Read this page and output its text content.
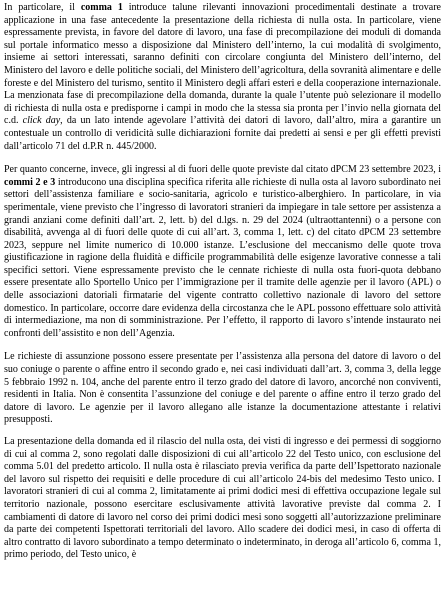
In particolare, il comma 1 introduce talune rilevanti innovazioni procedimentali destinate a trovare applicazione in una fase antecedente la presentazione della richiesta di nulla osta. In particolare, viene espressamente prevista, in favore del datore di lavoro, una fase di precompilazione dei moduli di domanda sul portale informatico messo a disposizione dal Ministero dell’interno, la cui modalità di svolgimento, insieme ai settori interessati, saranno definiti con circolare congiunta del Ministero dell’interno, del Ministero del lavoro e delle politiche sociali, del Ministero dell’agricoltura, della sovranità alimentare e delle foreste e del Ministero del turismo, sentito il Ministero degli affari esteri e della cooperazione internazionale. La menzionata fase di precompilazione della domanda, durante la quale l’utente può selezionare il modello di richiesta di nulla osta e predisporne i campi in modo che la stessa sia pronta per l’invio nella giornata del c.d. click day, da un lato intende agevolare l’attività dei datori di lavoro, dall’altro, mira a garantire un contestuale un controllo di veridicità sulle dichiarazioni fornite dai predetti ai sensi e per gli effetti previsti dall’articolo 71 del d.P.R n. 445/2000.

Per quanto concerne, invece, gli ingressi al di fuori delle quote previste dal citato dPCM 23 settembre 2023, i commi 2 e 3 introducono una disciplina specifica riferita alle richieste di nulla osta al lavoro subordinato nei settori dell’assistenza familiare e socio-sanitaria, agricolo e turistico-alberghiero. In particolare, in via sperimentale, viene previsto che l’ingresso di lavoratori stranieri da impiegare in tale settore per assistenza a grandi anziani come definiti dall’art. 2, lett. b) del d.lgs. n. 29 del 2024 (ultraottantenni) o a persone con disabilità, avvenga al di fuori delle quote di cui all’art. 3, comma 1, lett. c) del citato dPCM 23 settembre 2023, seppure nel limite numerico di 10.000 istanze. L’esclusione del meccanismo delle quote trova giustificazione in ragione della fluidità e difficile programmabilità delle esigenze lavorative connesse a tali specifici settori. Viene espressamente previsto che le cennate richieste di nulla osta fuori-quota debbano essere presentate allo Sportello Unico per l’immigrazione per il tramite delle agenzie per il lavoro (APL) o delle associazioni datoriali firmatarie del vigente contratto collettivo nazionale di lavoro del settore domestico. In particolare, occorre dare evidenza della circostanza che le APL possono effettuare solo attività di intermediazione, ma non di somministrazione. Per l’effetto, il rapporto di lavoro s’intende instaurato nei confronti dell’assistito e non dell’Agenzia.

Le richieste di assunzione possono essere presentate per l’assistenza alla persona del datore di lavoro o del suo coniuge o parente o affine entro il secondo grado e, nei casi individuati dall’art. 3, comma 3, della legge 5 febbraio 1992 n. 104, anche del parente entro il terzo grado del datore di lavoro, ancorché non conviventi, residenti in Italia. Non è consentita l’assunzione del coniuge e del parente o affine entro il terzo grado del datore di lavoro. Le agenzie per il lavoro allegano alle istanze la documentazione attestante i relativi presupposti.

La presentazione della domanda ed il rilascio del nulla osta, dei visti di ingresso e dei permessi di soggiorno di cui al comma 2, sono regolati dalle disposizioni di cui all’articolo 22 del Testo unico, con esclusione del comma 5.01 del predetto articolo. Il nulla osta è rilasciato previa verifica da parte dell’Ispettorato nazionale del lavoro sul rispetto dei requisiti e delle procedure di cui all’articolo 24-bis del medesimo Testo unico. I lavoratori stranieri di cui al comma 2, limitatamente ai primi dodici mesi di effettiva occupazione legale sul territorio nazionale, possono esercitare esclusivamente attività lavorative previste dal comma 2. I cambiamenti di datore di lavoro nel corso dei primi dodici mesi sono soggetti all’autorizzazione preliminare da parte dei competenti Ispettorati territoriali del lavoro. Allo scadere dei dodici mesi, in caso di offerta di altro contratto di lavoro subordinato a tempo determinato o indeterminato, in deroga all’articolo 6, comma 1, primo periodo, del Testo unico, è
